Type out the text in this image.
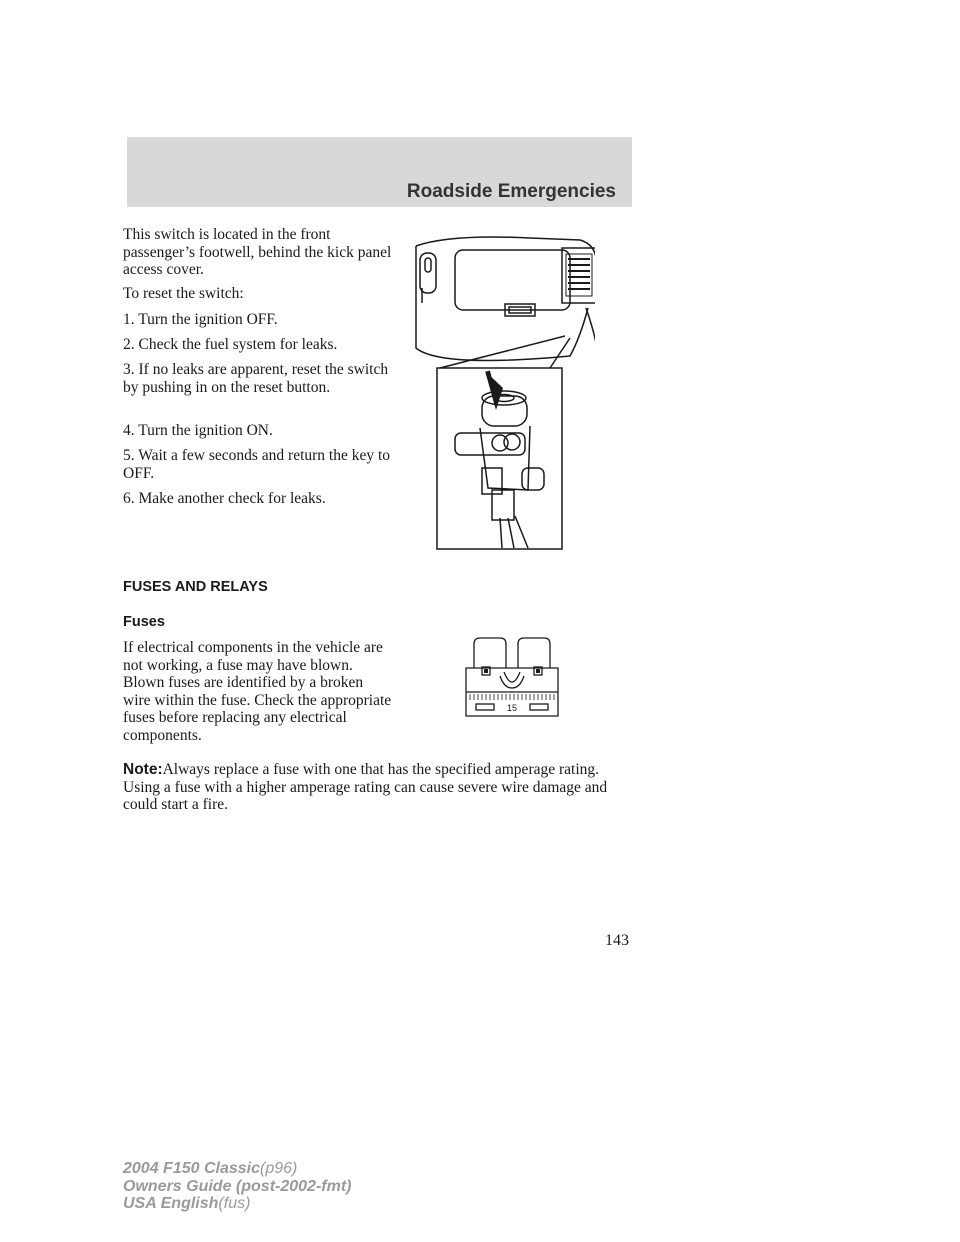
Roadside Emergencies

This switch is located in the front passenger’s footwell, behind the kick panel access cover.

To reset the switch:

1. Turn the ignition OFF.

2. Check the fuel system for leaks.

3. If no leaks are apparent, reset the switch by pushing in on the reset button.

4. Turn the ignition ON.

5. Wait a few seconds and return the key to OFF.

6. Make another check for leaks.

FUSES AND RELAYS

Fuses

If electrical components in the vehicle are not working, a fuse may have blown. Blown fuses are identified by a broken wire within the fuse. Check the appropriate fuses before replacing any electrical components.

15

Note:Always replace a fuse with one that has the specified amperage rating. Using a fuse with a higher amperage rating can cause severe wire damage and could start a fire.

143

2004 F150 Classic(p96)
Owners Guide (post-2002-fmt)
USA English(fus)
